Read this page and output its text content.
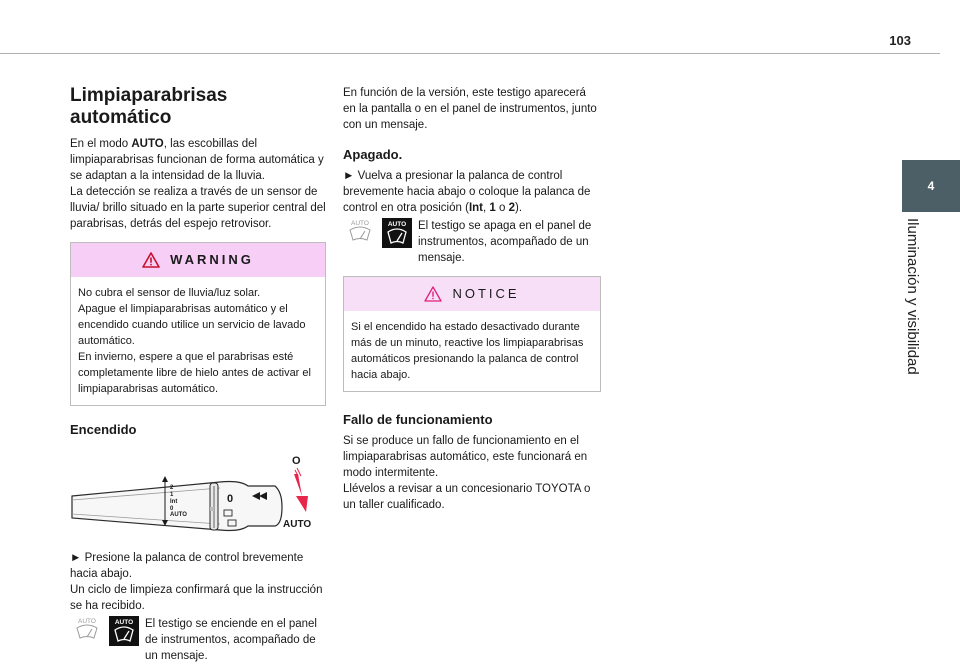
103
4
Iluminación y visibilidad
Limpiaparabrisas automático

En el modo AUTO, las escobillas del limpiaparabrisas funcionan de forma automática y se adaptan a la intensidad de la lluvia.

La detección se realiza a través de un sensor de lluvia/ brillo situado en la parte superior central del parabrisas, detrás del espejo retrovisor.

WARNING

No cubra el sensor de lluvia/luz solar.

Apague el limpiaparabrisas automático y el encendido cuando utilice un servicio de lavado automático.

En invierno, espere a que el parabrisas esté completamente libre de hielo antes de activar el limpiaparabrisas automático.

Encendido
2
1
Int
0
AUTO
0
O
AUTO

► Presione la palanca de control brevemente hacia abajo.

Un ciclo de limpieza confirmará que la instrucción se ha recibido.

AUTO	AUTO El testigo se enciende en el panel de instrumentos, acompañado de un mensaje.

En función de la versión, este testigo aparecerá en la pantalla o en el panel de instrumentos, junto con un mensaje.

Apagado.

► Vuelva a presionar la palanca de control brevemente hacia abajo o coloque la palanca de control en otra posición (Int, 1 o 2).

AUTO	AUTO El testigo se apaga en el panel de instrumentos, acompañado de un mensaje.
NOTICE
Si el encendido ha estado desactivado durante más de un minuto, reactive los limpiaparabrisas automáticos presionando la palanca de control hacia abajo.
Fallo de funcionamiento

Si se produce un fallo de funcionamiento en el limpiaparabrisas automático, este funcionará en modo intermitente.

Llévelos a revisar a un concesionario TOYOTA o un taller cualificado.
